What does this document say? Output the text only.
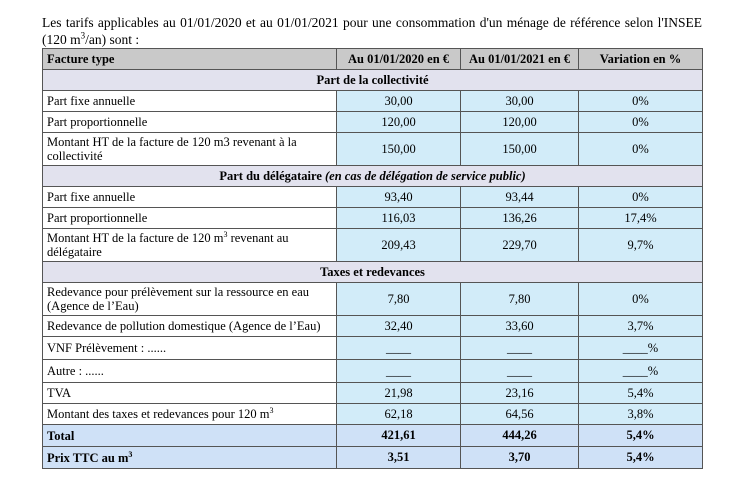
Les tarifs applicables au 01/01/2020 et au 01/01/2021 pour une consommation d'un ménage de référence selon l'INSEE (120 $m^3/an$) sont :

Facture type	Au 01/01/2020 en €	Au 01/01/2021 en €	Variation en %
Part de la collectivité			
Part fixe annuelle	30,00	30,00	0%
Part proportionnelle	120,00	120,00	0%
Montant HT de la facture de 120 m3 revenant à la collectivité	150,00	150,00	0%
Part du délégataire (en cas de délégation de service public)			
Part fixe annuelle	93,40	93,44	0%
Part proportionnelle	116,03	136,26	17,4%
Montant HT de la facture de 120 $m^3$ revenant au délégataire	209,43	229,70	9,7%
Taxes et redevances			
Redevance pour prélèvement sur la ressource en eau (Agence de l’Eau)	7,80	7,80	0%
Redevance de pollution domestique (Agence de l’Eau)	32,40	33,60	3,7%
VNF Prélèvement : ......	____	____	____%
Autre : ......	____	____	____%
TVA	21,98	23,16	5,4%
Montant des taxes et redevances pour 120 $m^3$	62,18	64,56	3,8%
Total	421,61	444,26	5,4%
Prix TTC au $m^3$	3,51	3,70	5,4%
